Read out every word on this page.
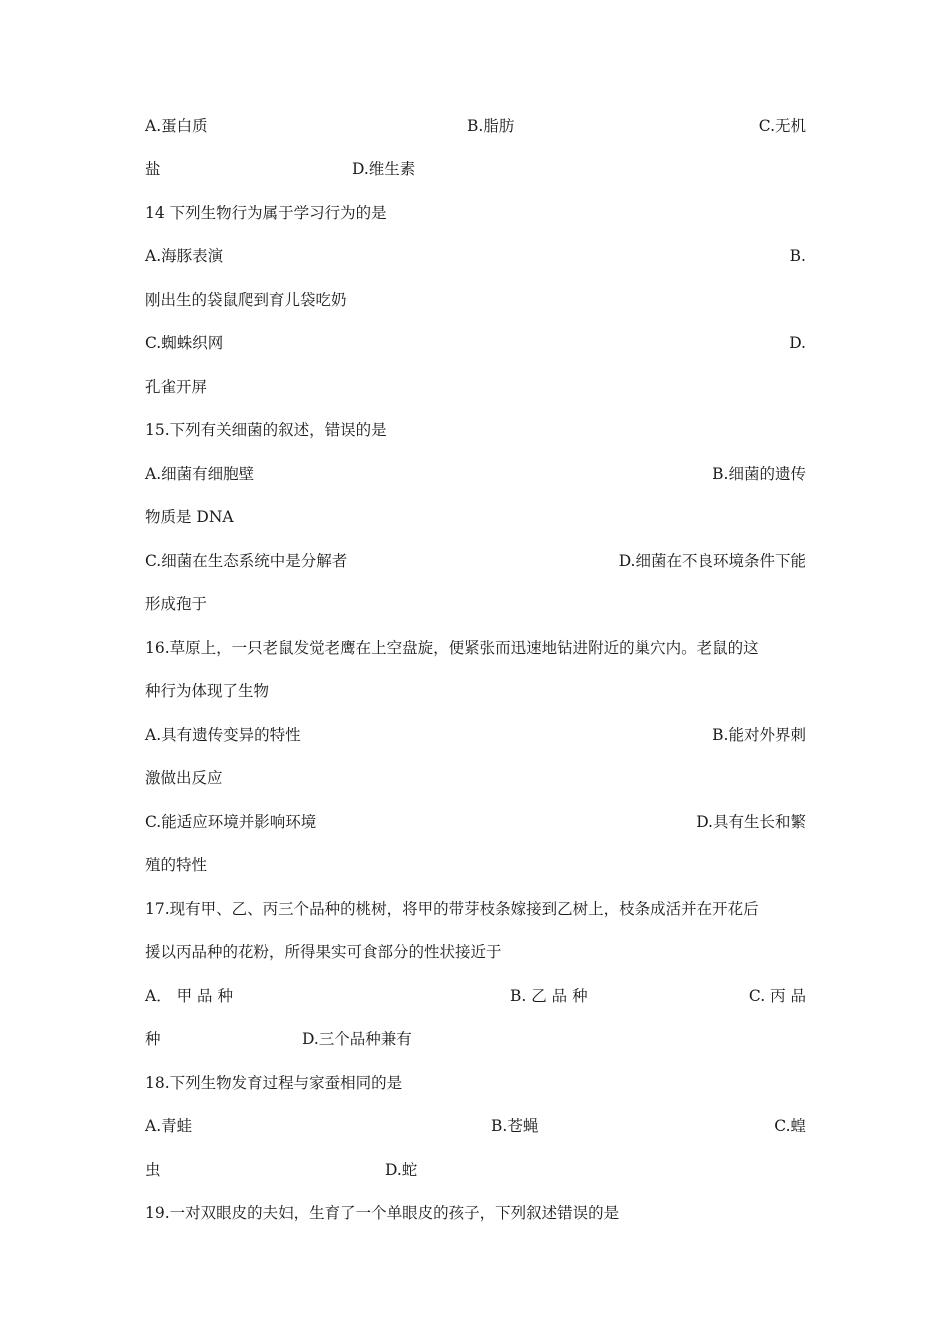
A.蛋白质	B.脂肪	C.无机
盐	D.维生素
14 下列生物行为属于学习行为的是
A.海豚表演	B.
刚出生的袋鼠爬到育儿袋吃奶
C.蜘蛛织网	D.
孔雀开屏
15.下列有关细菌的叙述，错误的是
A.细菌有细胞壁	B.细菌的遗传
物质是 DNA
C.细菌在生态系统中是分解者	D.细菌在不良环境条件下能
形成孢于
16.草原上，一只老鼠发觉老鹰在上空盘旋，便紧张而迅速地钻进附近的巢穴内。老鼠的这
种行为体现了生物
A.具有遗传变异的特性	B.能对外界刺
激做出反应
C.能适应环境并影响环境	D.具有生长和繁
殖的特性
17.现有甲、乙、丙三个品种的桃树，将甲的带芽枝条嫁接到乙树上，枝条成活并在开花后
援以丙品种的花粉，所得果实可食部分的性状接近于
A． 甲 品 种	B. 乙 品 种	C. 丙 品
种	D.三个品种兼有
18.下列生物发育过程与家蚕相同的是
A.青蛙	B.苍蝇	C.蝗
虫	D.蛇
19.一对双眼皮的夫妇，生育了一个单眼皮的孩子，下列叙述错误的是
